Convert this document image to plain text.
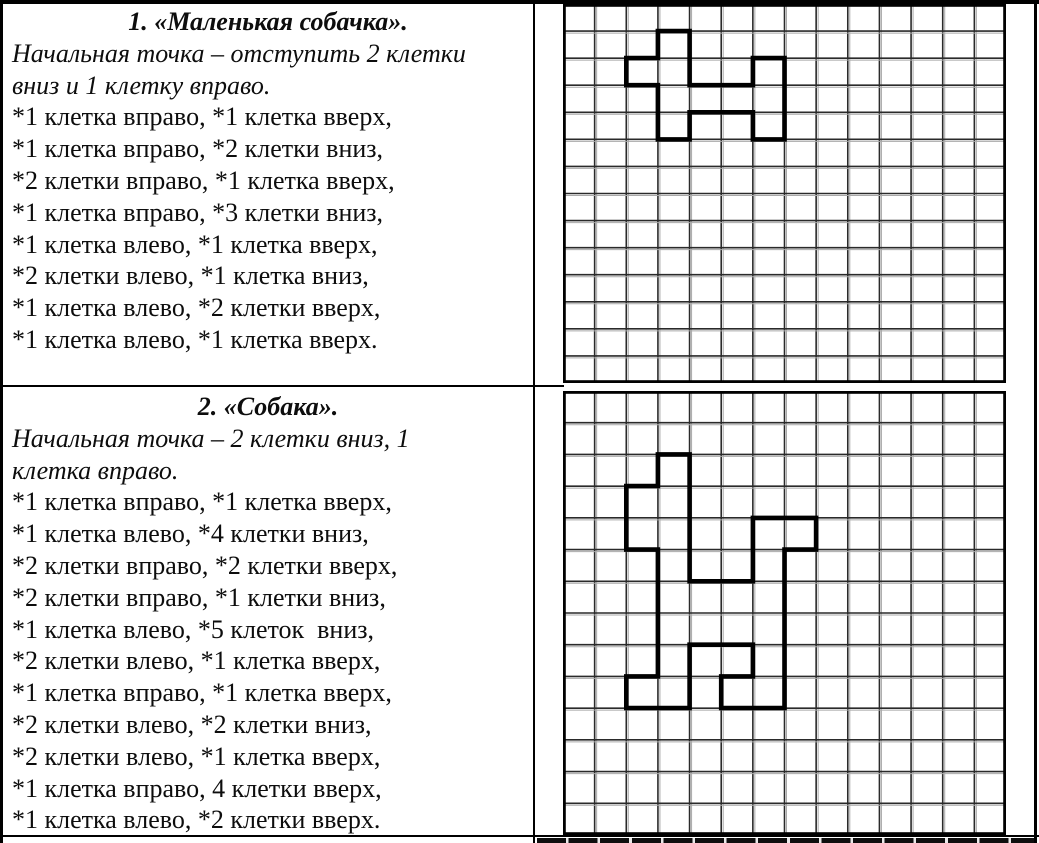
1. «Маленькая собачка».
Начальная точка – отступить 2 клетки
вниз и 1 клетку вправо.
*1 клетка вправо, *1 клетка вверх,
*1 клетка вправо, *2 клетки вниз,
*2 клетки вправо, *1 клетка вверх,
*1 клетка вправо, *3 клетки вниз,
*1 клетка влево, *1 клетка вверх,
*2 клетки влево, *1 клетка вниз,
*1 клетка влево, *2 клетки вверх,
*1 клетка влево, *1 клетка вверх.
2. «Собака».
Начальная точка – 2 клетки вниз, 1
клетка вправо.
*1 клетка вправо, *1 клетка вверх,
*1 клетка влево, *4 клетки вниз,
*2 клетки вправо, *2 клетки вверх,
*2 клетки вправо, *1 клетки вниз,
*1 клетка влево, *5 клеток  вниз,
*2 клетки влево, *1 клетка вверх,
*1 клетка вправо, *1 клетка вверх,
*2 клетки влево, *2 клетки вниз,
*2 клетки влево, *1 клетка вверх,
*1 клетка вправо, 4 клетки вверх,
*1 клетка влево, *2 клетки вверх.
